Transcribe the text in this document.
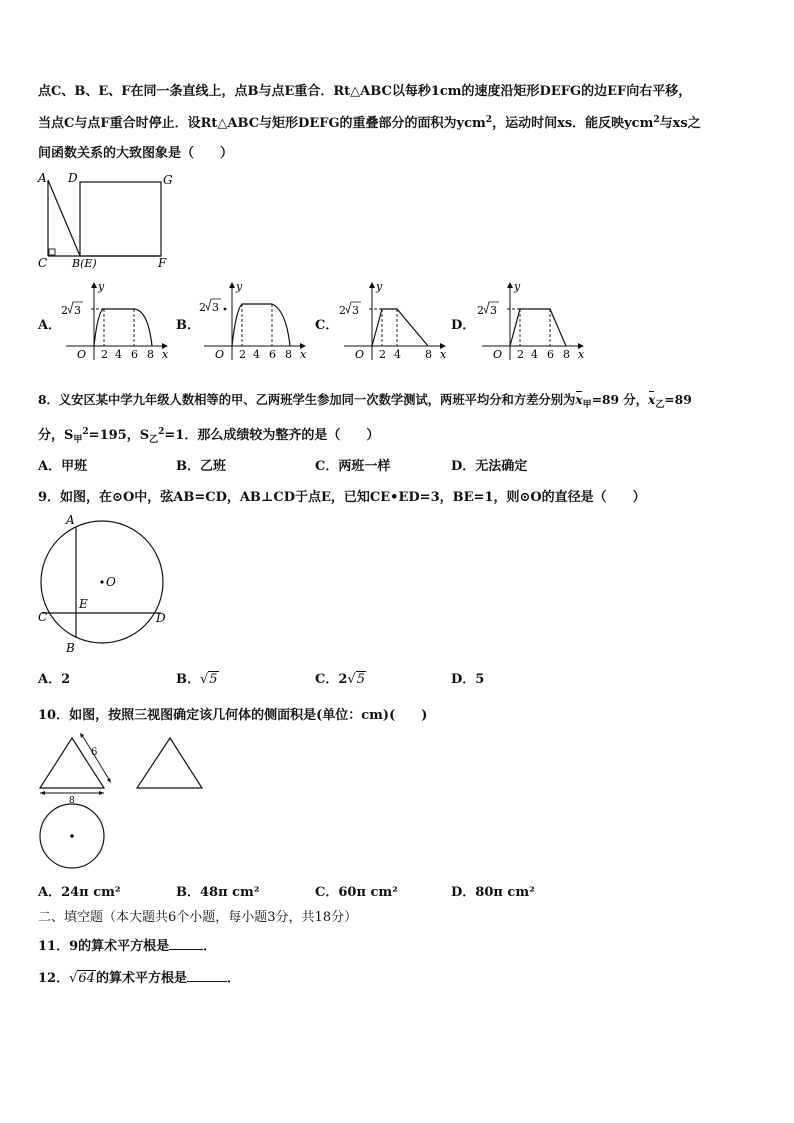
点C、B、E、F在同一条直线上，点B与点E重合．Rt△ABC以每秒1cm的速度沿矩形DEFG的边EF向右平移，
当点C与点F重合时停止．设Rt△ABC与矩形DEFG的重叠部分的面积为ycm$^2$，运动时间xs．能反映ycm$^2$与xs之
间函数关系的大致图象是（　　）
A D	G
C B(E)	F
A．	B．	C．	D．
y
x
O
2 3
2 4 6 8
y
x
O
2 3
2 4 6 8
y
x
O
2 3
2 4 8
y
x
O
2 3
2 4 6 8
8．义安区某中学九年级人数相等的甲、乙两班学生参加同一次数学测试，两班平均分和方差分别为$x_甲=89$ 分，$x_乙=89$
分，$S_甲^2=195$，$S_乙^2=1$．那么成绩较为整齐的是（　　）
A．甲班	B．乙班	C．两班一样	D．无法确定
9．如图，在⊙O中，弦AB=CD，AB⊥CD于点E，已知CE•ED=3，BE=1，则⊙O的直径是（　　）
A
O
E
C	D
B
A．2	B．√5	C．2√5	D．5
10．如图，按照三视图确定该几何体的侧面积是(单位：cm)(　　)
6
8
A．24π cm²	B．48π cm²	C．60π cm²	D．80π cm²
二、填空题（本大题共6个小题，每小题3分，共18分）
11．9的算术平方根是	．
12．√64的算术平方根是	．
